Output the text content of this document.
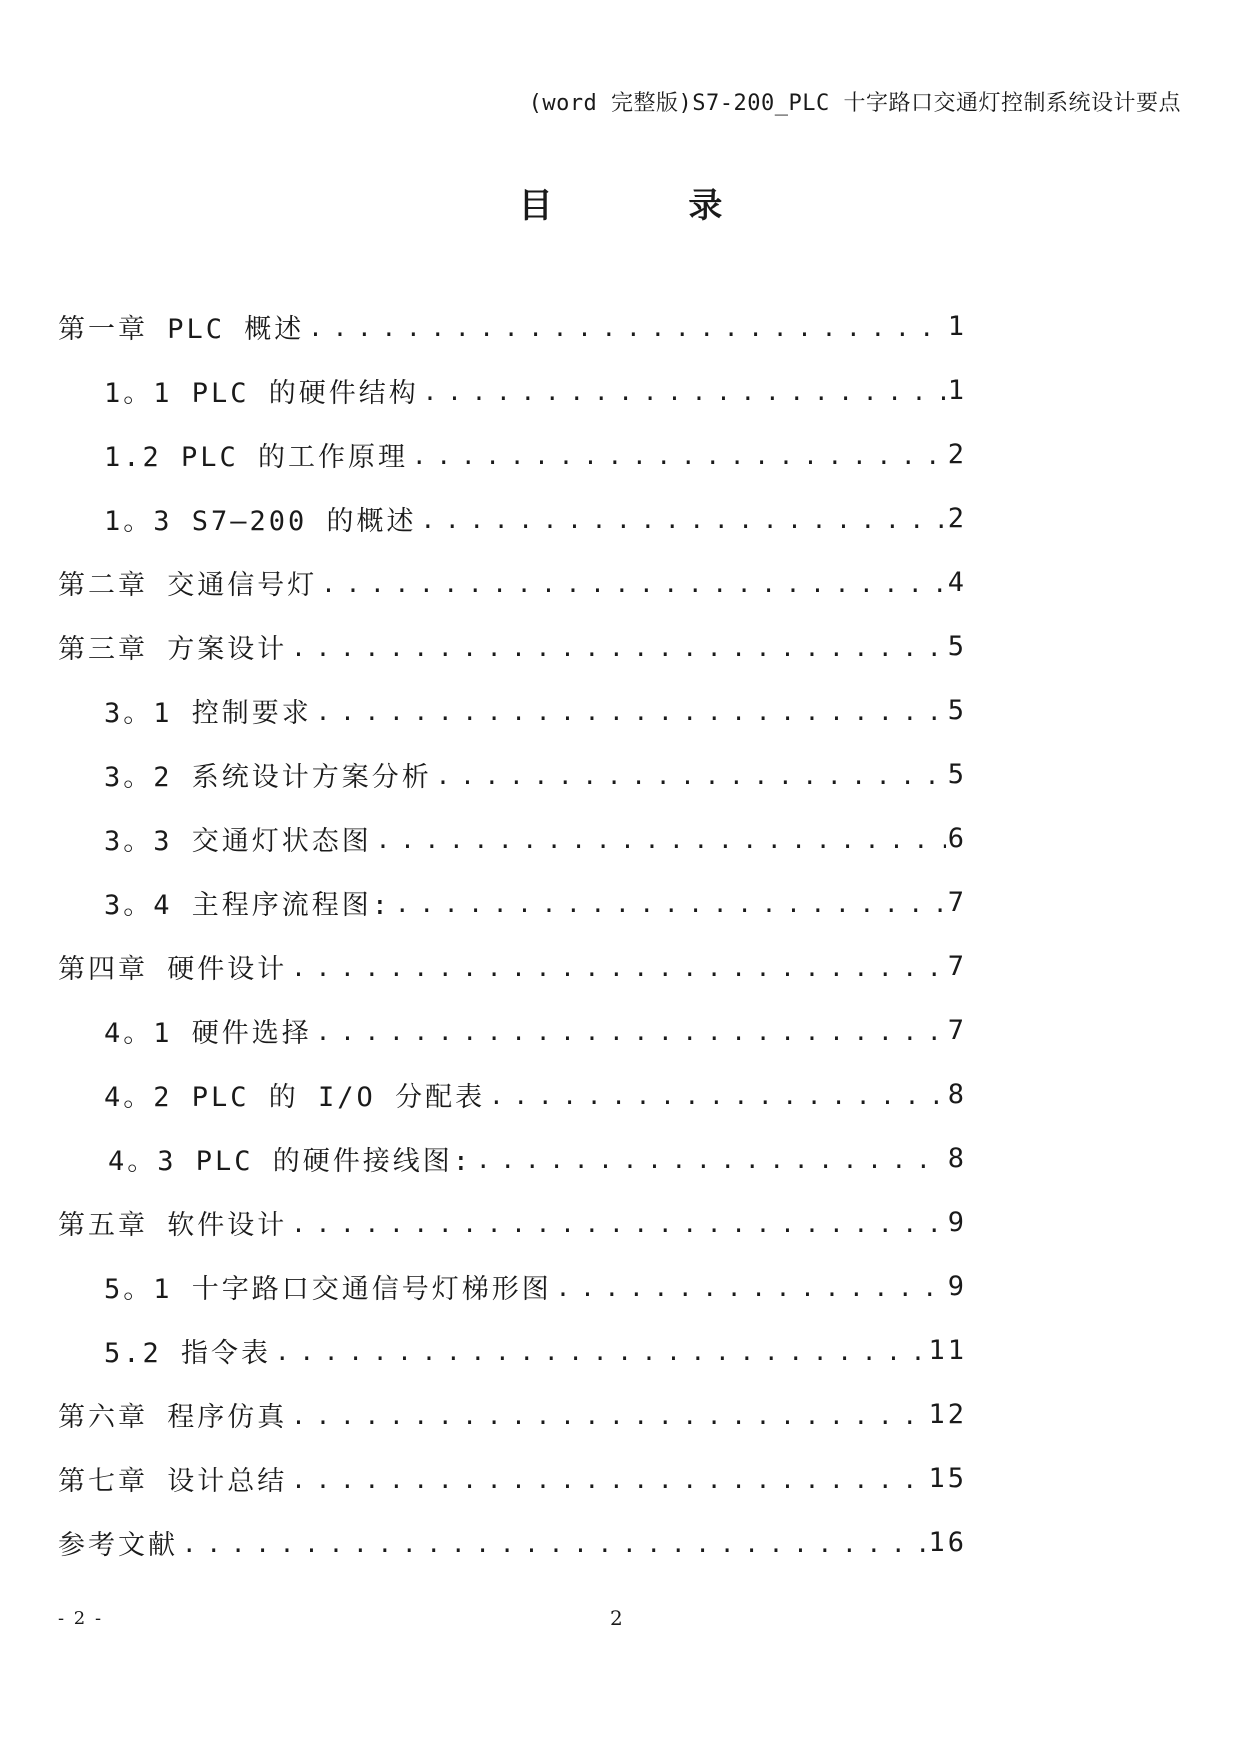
(word 完整版)S7-200_PLC 十字路口交通灯控制系统设计要点
目 录
第一章 PLC 概述 .....	1
1。1 PLC 的硬件结构 .....	1
1.2 PLC 的工作原理 .....	2
1。3 S7—200 的概述 .....	2
第二章 交通信号灯 .....	4
第三章 方案设计 .....	5
3。1 控制要求 .....	5
3。2 系统设计方案分析 .....	5
3。3 交通灯状态图 .....	6
3。4 主程序流程图: .....	7
第四章 硬件设计 .....	7
4。1 硬件选择 .....	7
4。2 PLC 的 I/O 分配表 .....	8
4。3 PLC 的硬件接线图: .....	8
第五章 软件设计 .....	9
5。1 十字路口交通信号灯梯形图 .....	9
5.2 指令表 .....	11
第六章 程序仿真 .....	12
第七章 设计总结 .....	15
参考文献 .....	16
- 2 -	2
